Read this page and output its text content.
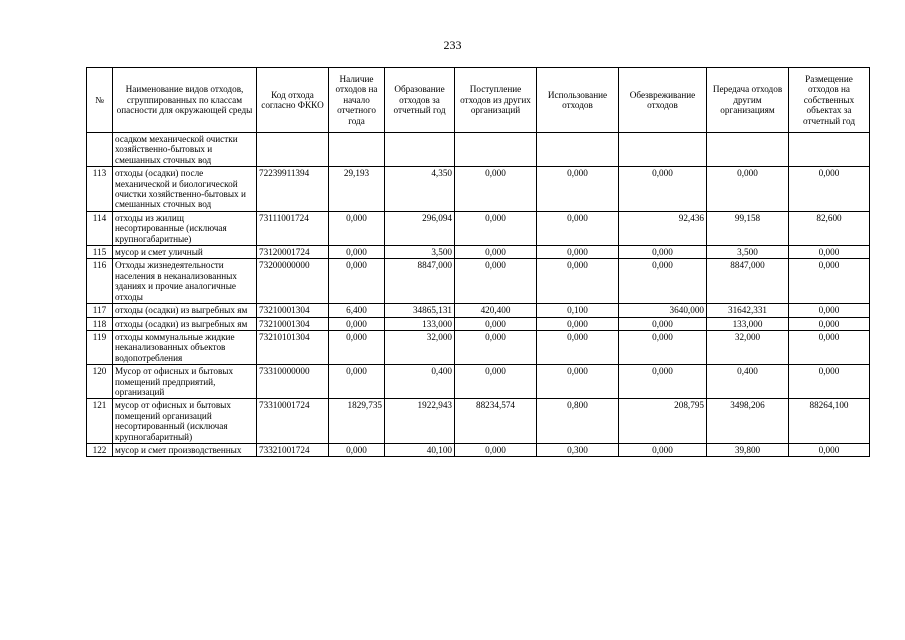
233
№	Наименование видов отходов, сгруппированных по классам опасности для окружающей среды	Код отхода согласно ФККО	Наличие отходов на начало отчетного года	Образование отходов за отчетный год	Поступление отходов из других организаций	Использование отходов	Обезвреживание отходов	Передача отходов другим организациям	Размещение отходов на собственных объектах за отчетный год
	осадком механической очистки хозяйственно-бытовых и смешанных сточных вод								
113	отходы (осадки) после механической и биологической очистки хозяйственно-бытовых и смешанных сточных вод	72239911394	29,193	4,350	0,000	0,000	0,000	0,000	0,000
114	отходы из жилищ несортированные (исключая крупногабаритные)	73111001724	0,000	296,094	0,000	0,000	92,436	99,158	82,600
115	мусор и смет уличный	73120001724	0,000	3,500	0,000	0,000	0,000	3,500	0,000
116	Отходы жизнедеятельности населения в неканализованных зданиях и прочие аналогичные отходы	73200000000	0,000	8847,000	0,000	0,000	0,000	8847,000	0,000
117	отходы (осадки) из выгребных ям	73210001304	6,400	34865,131	420,400	0,100	3640,000	31642,331	0,000
118	отходы (осадки) из выгребных ям	73210001304	0,000	133,000	0,000	0,000	0,000	133,000	0,000
119	отходы коммунальные жидкие неканализованных объектов водопотребления	73210101304	0,000	32,000	0,000	0,000	0,000	32,000	0,000
120	Мусор от офисных и бытовых помещений предприятий, организаций	73310000000	0,000	0,400	0,000	0,000	0,000	0,400	0,000
121	мусор от офисных и бытовых помещений организаций несортированный (исключая крупногабаритный)	73310001724	1829,735	1922,943	88234,574	0,800	208,795	3498,206	88264,100
122	мусор и смет производственных	73321001724	0,000	40,100	0,000	0,300	0,000	39,800	0,000
